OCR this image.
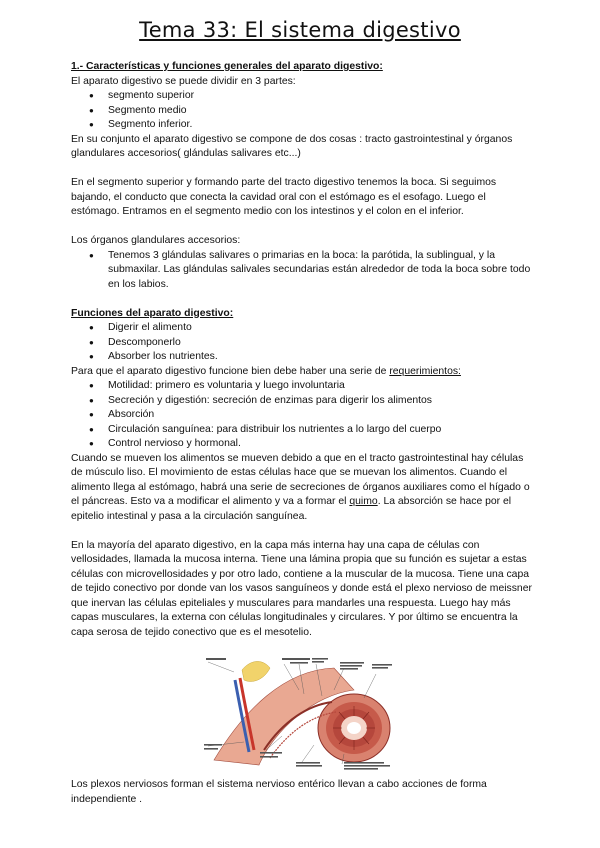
Tema 33: El sistema digestivo

1.- Características y funciones generales del aparato digestivo:

El aparato digestivo se puede dividir en 3 partes:

● segmento superior
● Segmento medio
● Segmento inferior.

En su conjunto el aparato digestivo se compone de dos cosas : tracto gastrointestinal y órganos glandulares accesorios( glándulas salivares etc...)

En el segmento superior y formando parte del tracto digestivo tenemos la boca. Si seguimos bajando, el conducto que conecta la cavidad oral con el estómago es el esofago. Luego el estómago. Entramos en el segmento medio con los intestinos y el colon en el inferior.

Los órganos glandulares accesorios:

● Tenemos 3 glándulas salivares o primarias en la boca: la parótida, la sublingual, y la submaxilar. Las glándulas salivales secundarias están alrededor de toda la boca sobre todo en los labios.

Funciones del aparato digestivo:

● Digerir el alimento
● Descomponerlo
● Absorber los nutrientes.

Para que el aparato digestivo funcione bien debe haber una serie de requerimientos:

● Motilidad: primero es voluntaria y luego involuntaria
● Secreción y digestión: secreción de enzimas para digerir los alimentos
● Absorción
● Circulación sanguínea: para distribuir los nutrientes a lo largo del cuerpo
● Control nervioso y hormonal.

Cuando se mueven los alimentos se mueven debido a que en el tracto gastrointestinal hay células de músculo liso. El movimiento de estas células hace que se muevan los alimentos. Cuando el alimento llega al estómago, habrá una serie de secreciones de órganos auxiliares como el hígado o el páncreas. Esto va a modificar el alimento y va a formar el quimo. La absorción se hace por el epitelio intestinal y pasa a la circulación sanguínea.

En la mayoría del aparato digestivo, en la capa más interna hay una capa de células con vellosidades, llamada la mucosa interna. Tiene una lámina propia que su función es sujetar a estas células con microvellosidades y por otro lado, contiene a la muscular de la mucosa. Tiene una capa de tejido conectivo por donde van los vasos sanguíneos y donde está el plexo nervioso de meissner que inervan las células epiteliales y musculares para mandarles una respuesta. Luego hay más capas musculares, la externa con células longitudinales y circulares. Y por último se encuentra la capa serosa de tejido conectivo que es el mesotelio.

Los plexos nerviosos forman el sistema nervioso entérico llevan a cabo acciones de forma independiente .
